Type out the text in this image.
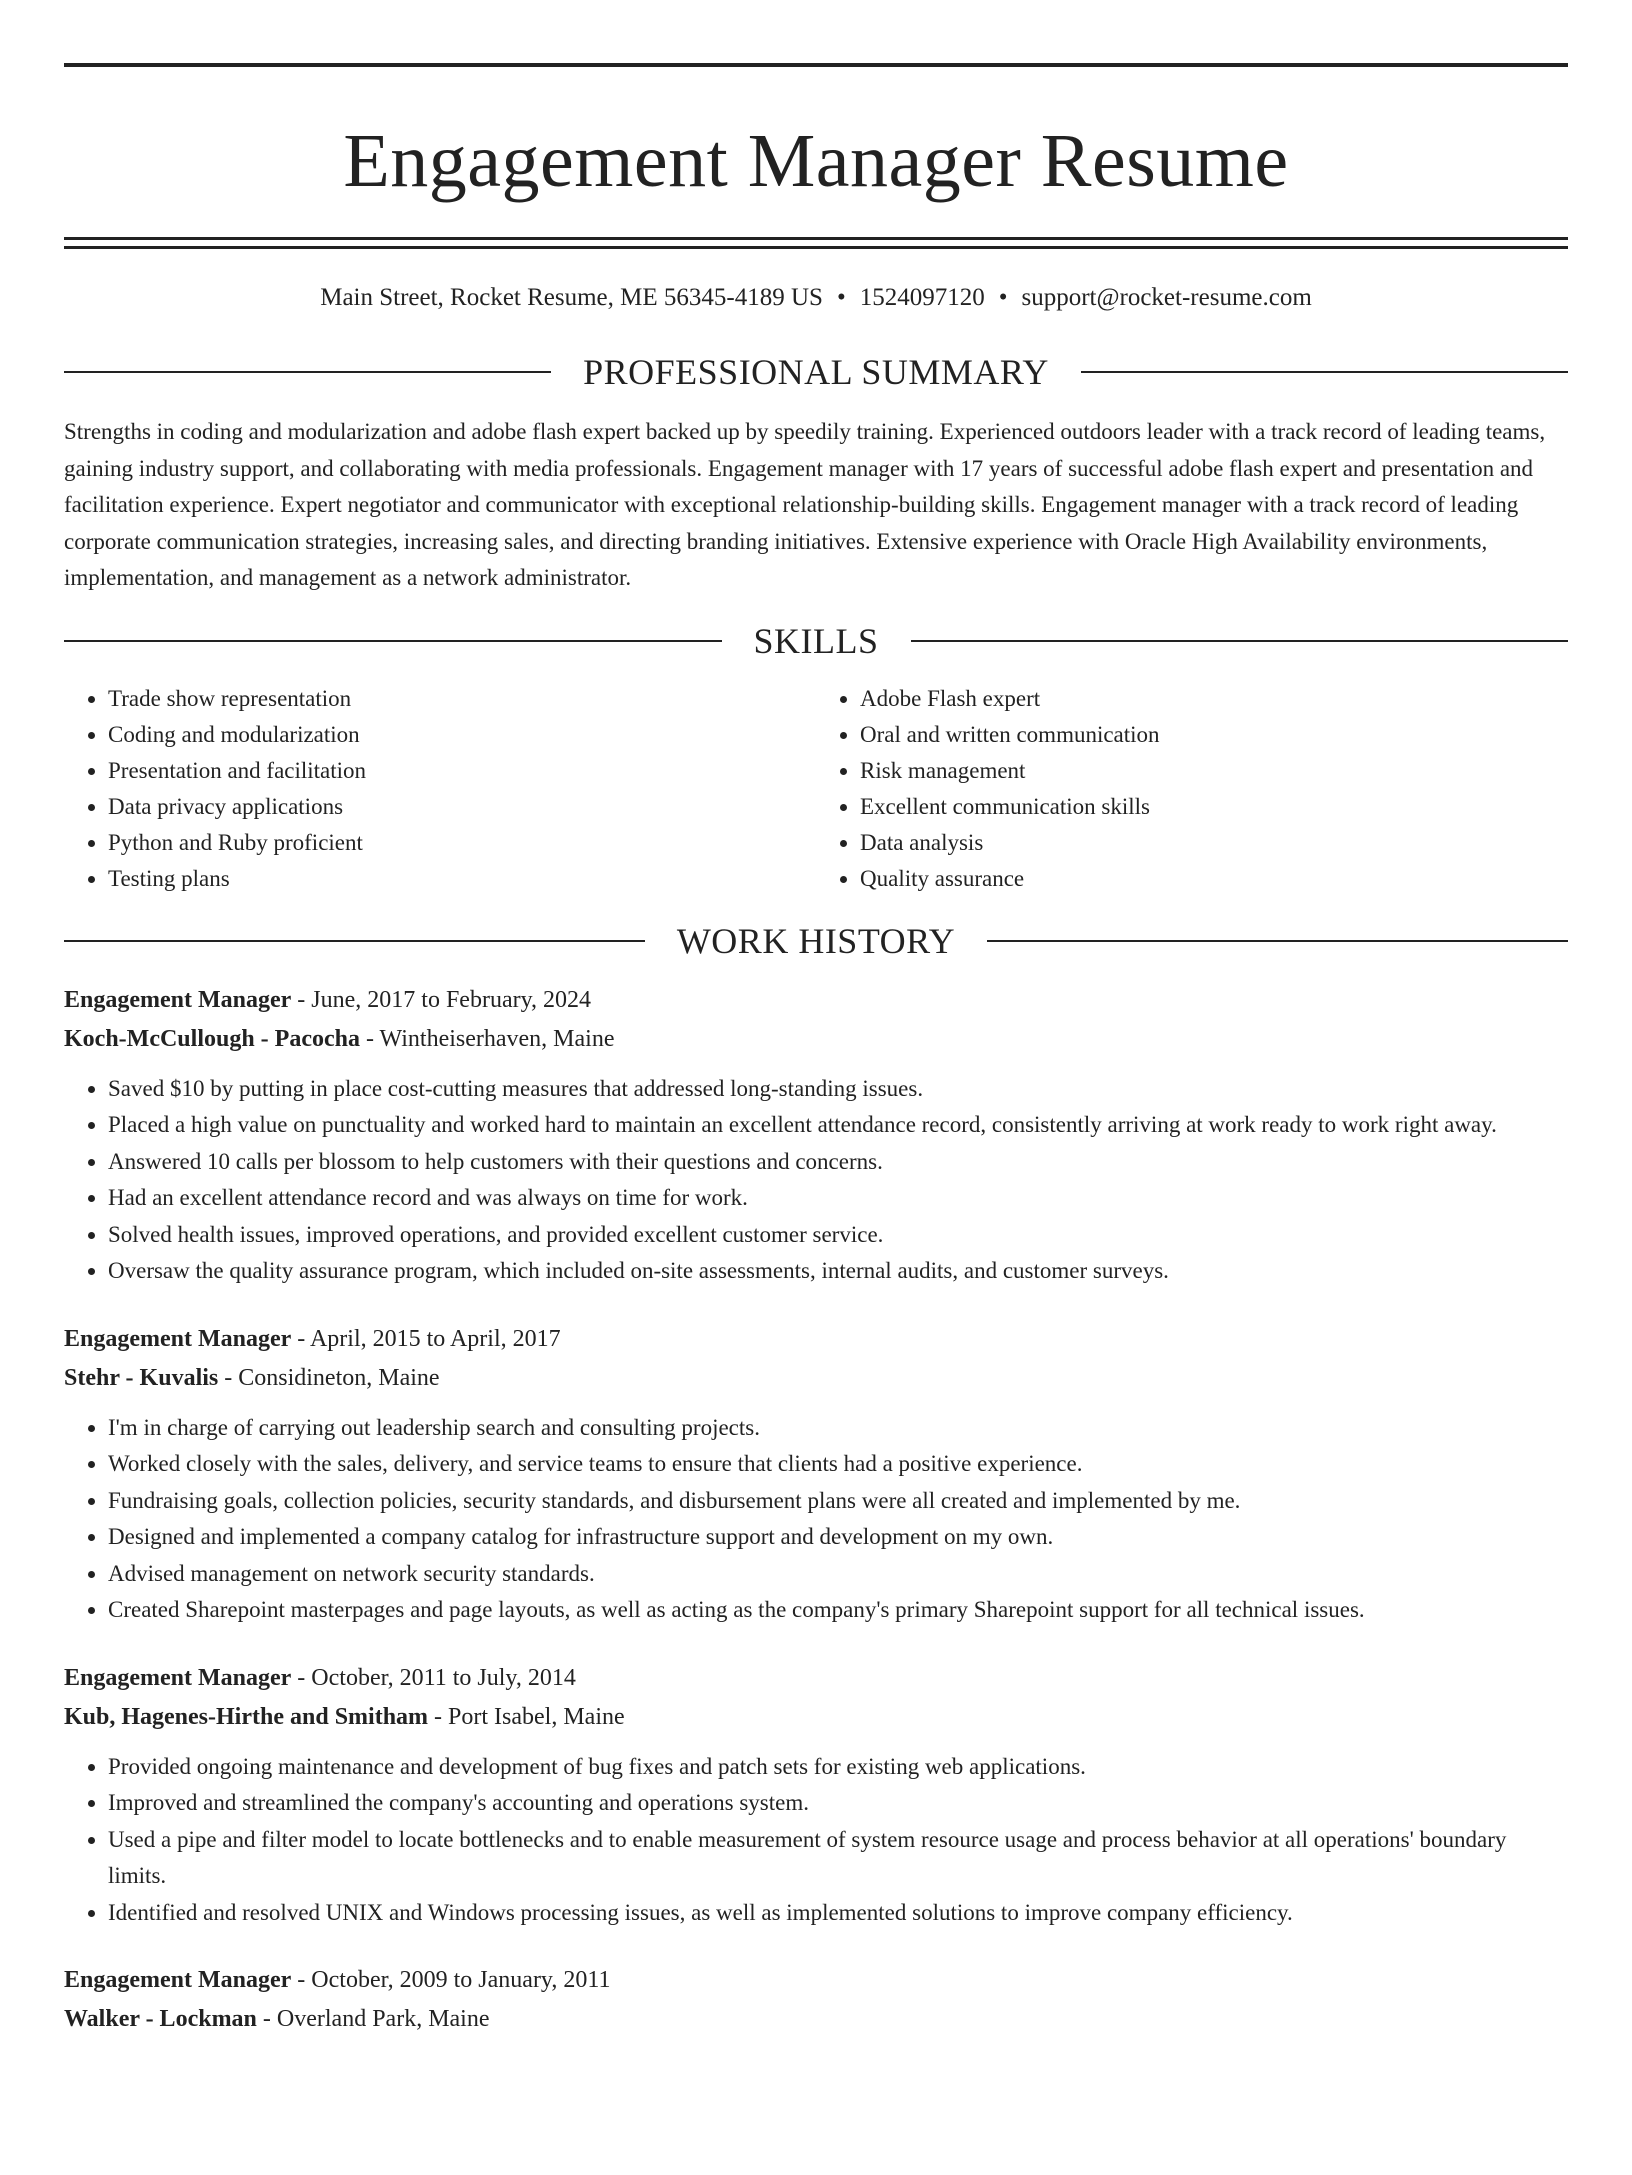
Engagement Manager Resume
Main Street, Rocket Resume, ME 56345-4189 US • 1524097120 • support@rocket-resume.com
PROFESSIONAL SUMMARY

Strengths in coding and modularization and adobe flash expert backed up by speedily training. Experienced outdoors leader with a track record of leading teams, gaining industry support, and collaborating with media professionals. Engagement manager with 17 years of successful adobe flash expert and presentation and facilitation experience. Expert negotiator and communicator with exceptional relationship-building skills. Engagement manager with a track record of leading corporate communication strategies, increasing sales, and directing branding initiatives. Extensive experience with Oracle High Availability environments, implementation, and management as a network administrator.

SKILLS
• Trade show representation
• Coding and modularization
• Presentation and facilitation
• Data privacy applications
• Python and Ruby proficient
• Testing plans
• Adobe Flash expert
• Oral and written communication
• Risk management
• Excellent communication skills
• Data analysis
• Quality assurance
WORK HISTORY
Engagement Manager - June, 2017 to February, 2024
Koch-McCullough - Pacocha - Wintheiserhaven, Maine
• Saved $10 by putting in place cost-cutting measures that addressed long-standing issues.
• Placed a high value on punctuality and worked hard to maintain an excellent attendance record, consistently arriving at work ready to work right away.
• Answered 10 calls per blossom to help customers with their questions and concerns.
• Had an excellent attendance record and was always on time for work.
• Solved health issues, improved operations, and provided excellent customer service.
• Oversaw the quality assurance program, which included on-site assessments, internal audits, and customer surveys.
Engagement Manager - April, 2015 to April, 2017
Stehr - Kuvalis - Considineton, Maine
• I'm in charge of carrying out leadership search and consulting projects.
• Worked closely with the sales, delivery, and service teams to ensure that clients had a positive experience.
• Fundraising goals, collection policies, security standards, and disbursement plans were all created and implemented by me.
• Designed and implemented a company catalog for infrastructure support and development on my own.
• Advised management on network security standards.
• Created Sharepoint masterpages and page layouts, as well as acting as the company's primary Sharepoint support for all technical issues.
Engagement Manager - October, 2011 to July, 2014
Kub, Hagenes-Hirthe and Smitham - Port Isabel, Maine
• Provided ongoing maintenance and development of bug fixes and patch sets for existing web applications.
• Improved and streamlined the company's accounting and operations system.
• Used a pipe and filter model to locate bottlenecks and to enable measurement of system resource usage and process behavior at all operations' boundary limits.
• Identified and resolved UNIX and Windows processing issues, as well as implemented solutions to improve company efficiency.
Engagement Manager - October, 2009 to January, 2011
Walker - Lockman - Overland Park, Maine
